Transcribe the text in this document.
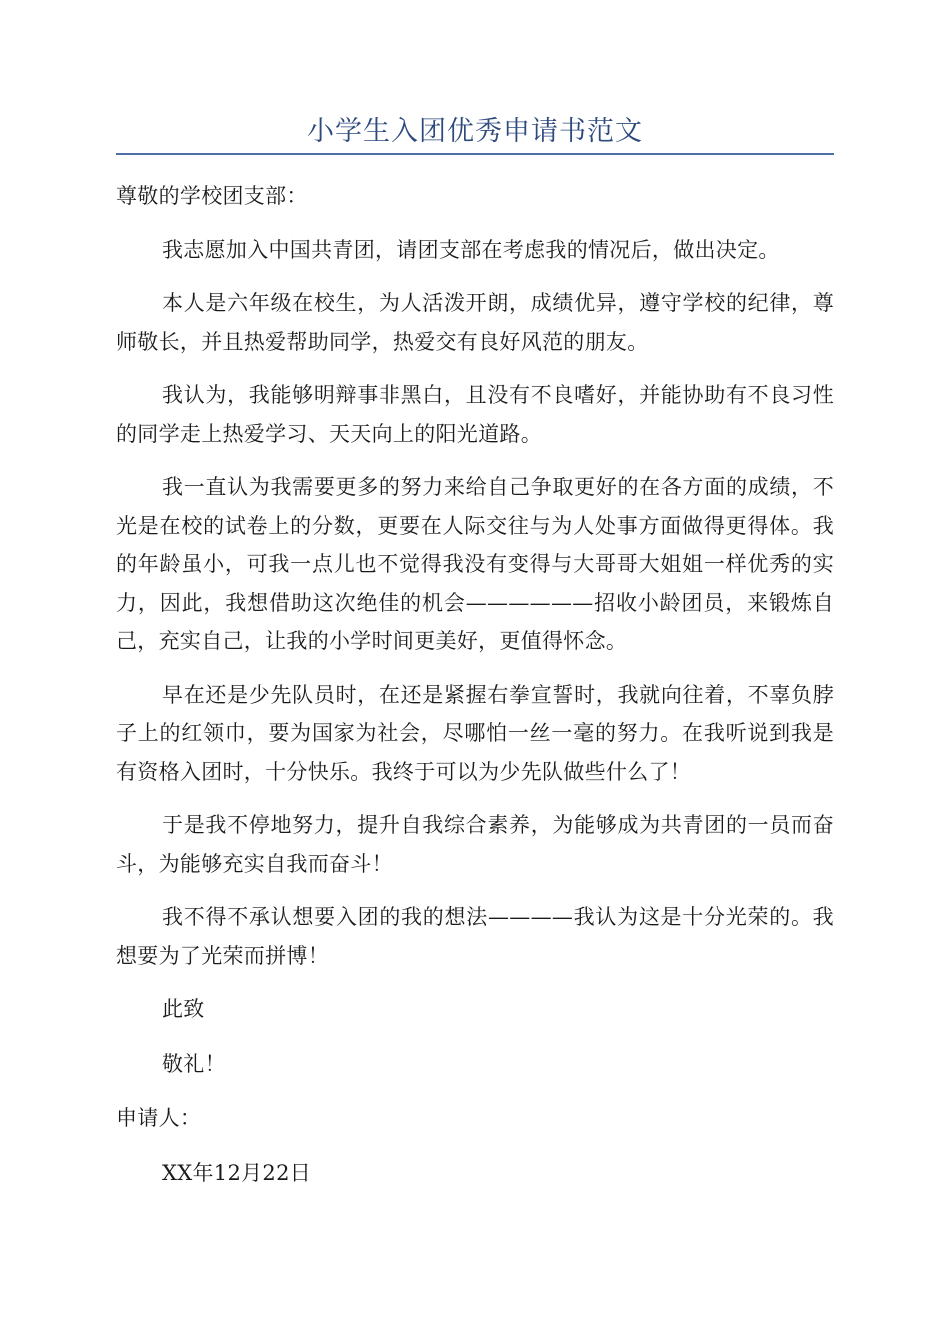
小学生入团优秀申请书范文

尊敬的学校团支部：

我志愿加入中国共青团，请团支部在考虑我的情况后，做出决定。

本人是六年级在校生，为人活泼开朗，成绩优异，遵守学校的纪律，尊师敬长，并且热爱帮助同学，热爱交有良好风范的朋友。

我认为，我能够明辩事非黑白，且没有不良嗜好，并能协助有不良习性的同学走上热爱学习、天天向上的阳光道路。

我一直认为我需要更多的努力来给自己争取更好的在各方面的成绩，不光是在校的试卷上的分数，更要在人际交往与为人处事方面做得更得体。我的年龄虽小，可我一点儿也不觉得我没有变得与大哥哥大姐姐一样优秀的实力，因此，我想借助这次绝佳的机会——————招收小龄团员，来锻炼自己，充实自己，让我的小学时间更美好，更值得怀念。

早在还是少先队员时，在还是紧握右拳宣誓时，我就向往着，不辜负脖子上的红领巾，要为国家为社会，尽哪怕一丝一毫的努力。在我听说到我是有资格入团时，十分快乐。我终于可以为少先队做些什么了！

于是我不停地努力，提升自我综合素养，为能够成为共青团的一员而奋斗，为能够充实自我而奋斗！

我不得不承认想要入团的我的想法————我认为这是十分光荣的。我想要为了光荣而拼博！

此致

敬礼！

申请人：

XX年12月22日
